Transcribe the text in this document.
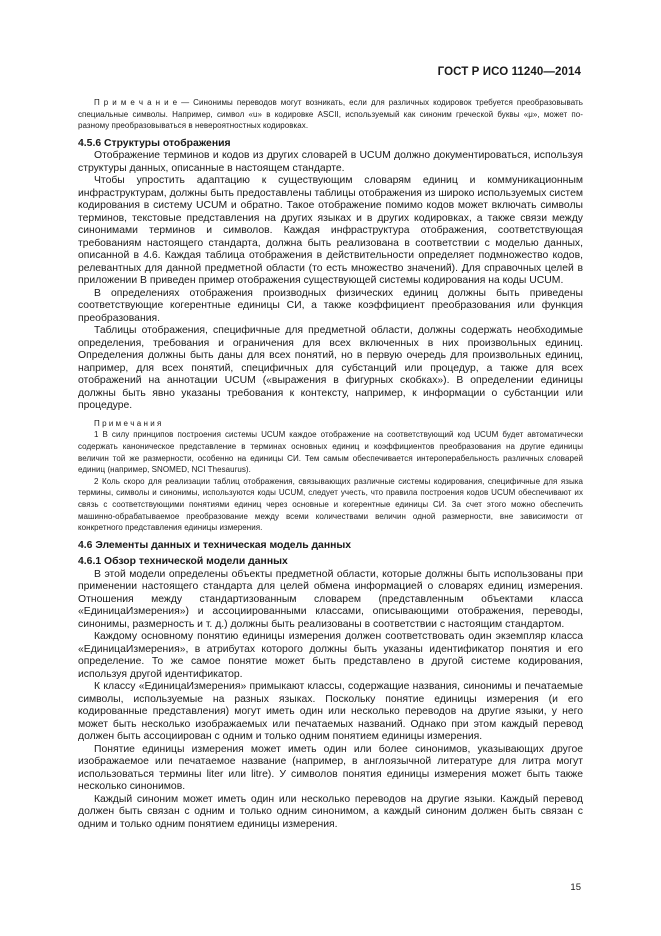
ГОСТ Р ИСО 11240—2014

П р и м е ч а н и е — Синонимы переводов могут возникать, если для различных кодировок требуется преобразовывать специальные символы. Например, символ «u» в кодировке ASCII, используемый как синоним греческой буквы «μ», может по-разному преобразовываться в невероятностных кодировках.

4.5.6 Структуры отображения

Отображение терминов и кодов из других словарей в UCUM должно документироваться, используя структуры данных, описанные в настоящем стандарте.

Чтобы упростить адаптацию к существующим словарям единиц и коммуникационным инфраструктурам, должны быть предоставлены таблицы отображения из широко используемых систем кодирования в систему UCUM и обратно. Такое отображение помимо кодов может включать символы терминов, текстовые представления на других языках и в других кодировках, а также связи между синонимами терминов и символов. Каждая инфраструктура отображения, соответствующая требованиям настоящего стандарта, должна быть реализована в соответствии с моделью данных, описанной в 4.6. Каждая таблица отображения в действительности определяет подмножество кодов, релевантных для данной предметной области (то есть множество значений). Для справочных целей в приложении В приведен пример отображения существующей системы кодирования на коды UCUM.

В определениях отображения производных физических единиц должны быть приведены соответствующие когерентные единицы СИ, а также коэффициент преобразования или функция преобразования.

Таблицы отображения, специфичные для предметной области, должны содержать необходимые определения, требования и ограничения для всех включенных в них произвольных единиц. Определения должны быть даны для всех понятий, но в первую очередь для произвольных единиц, например, для всех понятий, специфичных для субстанций или процедур, а также для всех отображений на аннотации UCUM («выражения в фигурных скобках»). В определении единицы должны быть явно указаны требования к контексту, например, к информации о субстанции или процедуре.

П р и м е ч а н и я

1 В силу принципов построения системы UCUM каждое отображение на соответствующий код UCUM будет автоматически содержать каноническое представление в терминах основных единиц и коэффициентов преобразования на другие единицы величин той же размерности, особенно на единицы СИ. Тем самым обеспечивается интероперабельность различных словарей единиц (например, SNOMED, NCI Thesaurus).

2 Коль скоро для реализации таблиц отображения, связывающих различные системы кодирования, специфичные для языка термины, символы и синонимы, используются коды UCUM, следует учесть, что правила построения кодов UCUM обеспечивают их связь с соответствующими понятиями единиц через основные и когерентные единицы СИ. За счет этого можно обеспечить машинно-обрабатываемое преобразование между всеми количествами величин одной размерности, вне зависимости от конкретного представления единицы измерения.

4.6 Элементы данных и техническая модель данных

4.6.1 Обзор технической модели данных

В этой модели определены объекты предметной области, которые должны быть использованы при применении настоящего стандарта для целей обмена информацией о словарях единиц измерения. Отношения между стандартизованным словарем (представленным объектами класса «ЕдиницаИзмерения») и ассоциированными классами, описывающими отображения, переводы, синонимы, размерность и т. д.) должны быть реализованы в соответствии с настоящим стандартом.

Каждому основному понятию единицы измерения должен соответствовать один экземпляр класса «ЕдиницаИзмерения», в атрибутах которого должны быть указаны идентификатор понятия и его определение. То же самое понятие может быть представлено в другой системе кодирования, используя другой идентификатор.

К классу «ЕдиницаИзмерения» примыкают классы, содержащие названия, синонимы и печатаемые символы, используемые на разных языках. Поскольку понятие единицы измерения (и его кодированные представления) могут иметь один или несколько переводов на другие языки, у него может быть несколько изображаемых или печатаемых названий. Однако при этом каждый перевод должен быть ассоциирован с одним и только одним понятием единицы измерения.

Понятие единицы измерения может иметь один или более синонимов, указывающих другое изображаемое или печатаемое название (например, в англоязычной литературе для литра могут использоваться термины liter или litre). У символов понятия единицы измерения может быть также несколько синонимов.

Каждый синоним может иметь один или несколько переводов на другие языки. Каждый перевод должен быть связан с одним и только одним синонимом, а каждый синоним должен быть связан с одним и только одним понятием единицы измерения.

15
